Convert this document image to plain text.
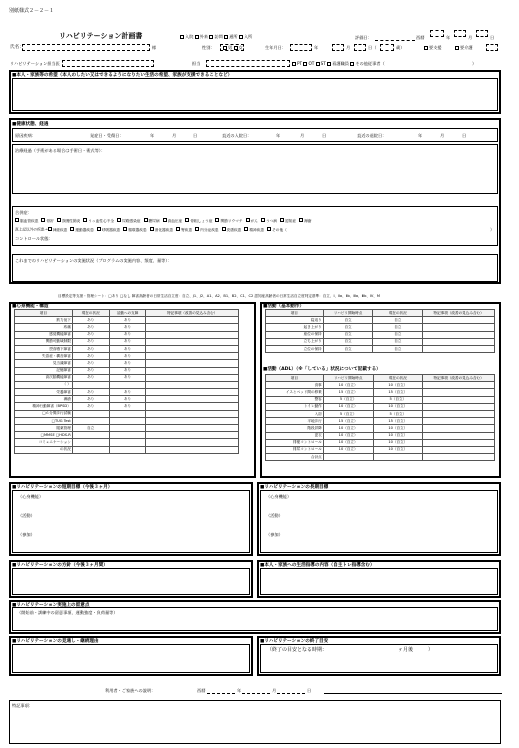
別紙様式２－２－１
リハビリテーション計画書	入院 外来 訪問 通所 入所	評価日：	西暦	年	月	日
氏名：	様	性別：	男 女	生年月日：	年	月	日（	歳）	要支援	要介護
リハビリテーション担当医	担当	PT OT ST 看護職員 その他従事者（	）
■本人・家族等の希望（本人のしたい又はできるようになりたい生活の希望、家族が支援できることなど）
■健康状態、経過
原因疾病：	発症日・受傷日：	年	月	日	直近の入院日：	年	月	日	直近の退院日：	年	月	日
治療経過（手術がある場合は手術日・術式等）：
合併症：
脳血管疾患 骨折 誤嚥性肺炎 うっ血性心不全 尿路感染症 糖尿病 高血圧症 骨粗しょう症 関節リウマチ がん うつ病 認知症 褥瘡
真上記以外の疾患→ 神経疾患 運動器疾患 呼吸器疾患 循環器疾患 消化器疾患 腎疾患 内分泌疾患 皮膚疾患 精神疾患 その他（	）
コントロール状態：
これまでのリハビリテーションの実施状況（プログラムの実施内容、頻度、量等）：
目標設定等支援・管理シート：□あり □なし 障害高齢者の日常生活自立度：自立、J1、J2、A1、A2、B1、B2、C1、C2 認知症高齢者の日常生活自立度判定基準：自立、Ⅰ、Ⅱa、Ⅱb、Ⅲa、Ⅲb、Ⅳ、M
■心身機能・構造
項目	現在の状況	活動への支障	特記事項（改善の見込み含む）
筋力低下	あり	あり	
疼痛	あり	あり	
感覚機能障害	あり	あり	
関節可動域制限	あり	あり	
摂食嚥下障害	あり	あり	
失語症・構音障害	あり	あり	
見当識障害	あり	あり	
記憶障害	あり	あり	
高次脳機能障害	あり	あり	
（ ）			
栄養障害	あり	あり	
褥瘡	あり	あり	
精神行動障害（BPSD）	あり	あり	
□６分間歩行試験			
□TUG Test			
服薬管理	自立		
□MMSE □HDS-R			
コミュニケーション			
の状況			
■活動（基本動作）
項目	リハビリ開始時点	現在の状況	特記事項（改善の見込み含む）
寝返り	自立	自立	
起き上がり	自立	自立	
座位の保持	自立	自立	
立ち上がり	自立	自立	
立位の保持	自立	自立	
■活動（ADL）（※「している」状況について記載する）
項目	リハビリ開始時点	現在の状況	特記事項（改善の見込み含む）
食事	10（自立）	10（自立）	
イスとベッド間の移乗	15（自立）	15（自立）	
整容	5（自立）	5（自立）	
トイレ動作	10（自立）	10（自立）	
入浴	5（自立）	5（自立）	
平地歩行	15（自立）	15（自立）	
階段昇降	10（自立）	10（自立）	
更衣	10（自立）	10（自立）	
排便コントロール	10（自立）	10（自立）	
排尿コントロール	10（自立）	10（自立）	
合計点			
■リハビリテーションの短期目標（今後３ヶ月）
（心身機能）
（活動）
（参加）
■リハビリテーションの長期目標
（心身機能）
（活動）
（参加）
■リハビリテーションの方針（今後３ヶ月間）	■本人・家族への生活指導の内容（自主トレ指導含む）
■リハビリテーション実施上の留意点
（開始前・訓練中の留意事項、運動強度・負荷量等）
■リハビリテーションの見通し・継続理由	■リハビリテーションの終了目安
（終了の目安となる時期：	ヶ月後	）
利用者・ご家族への説明：	西暦	年	月	日
特記事項：
